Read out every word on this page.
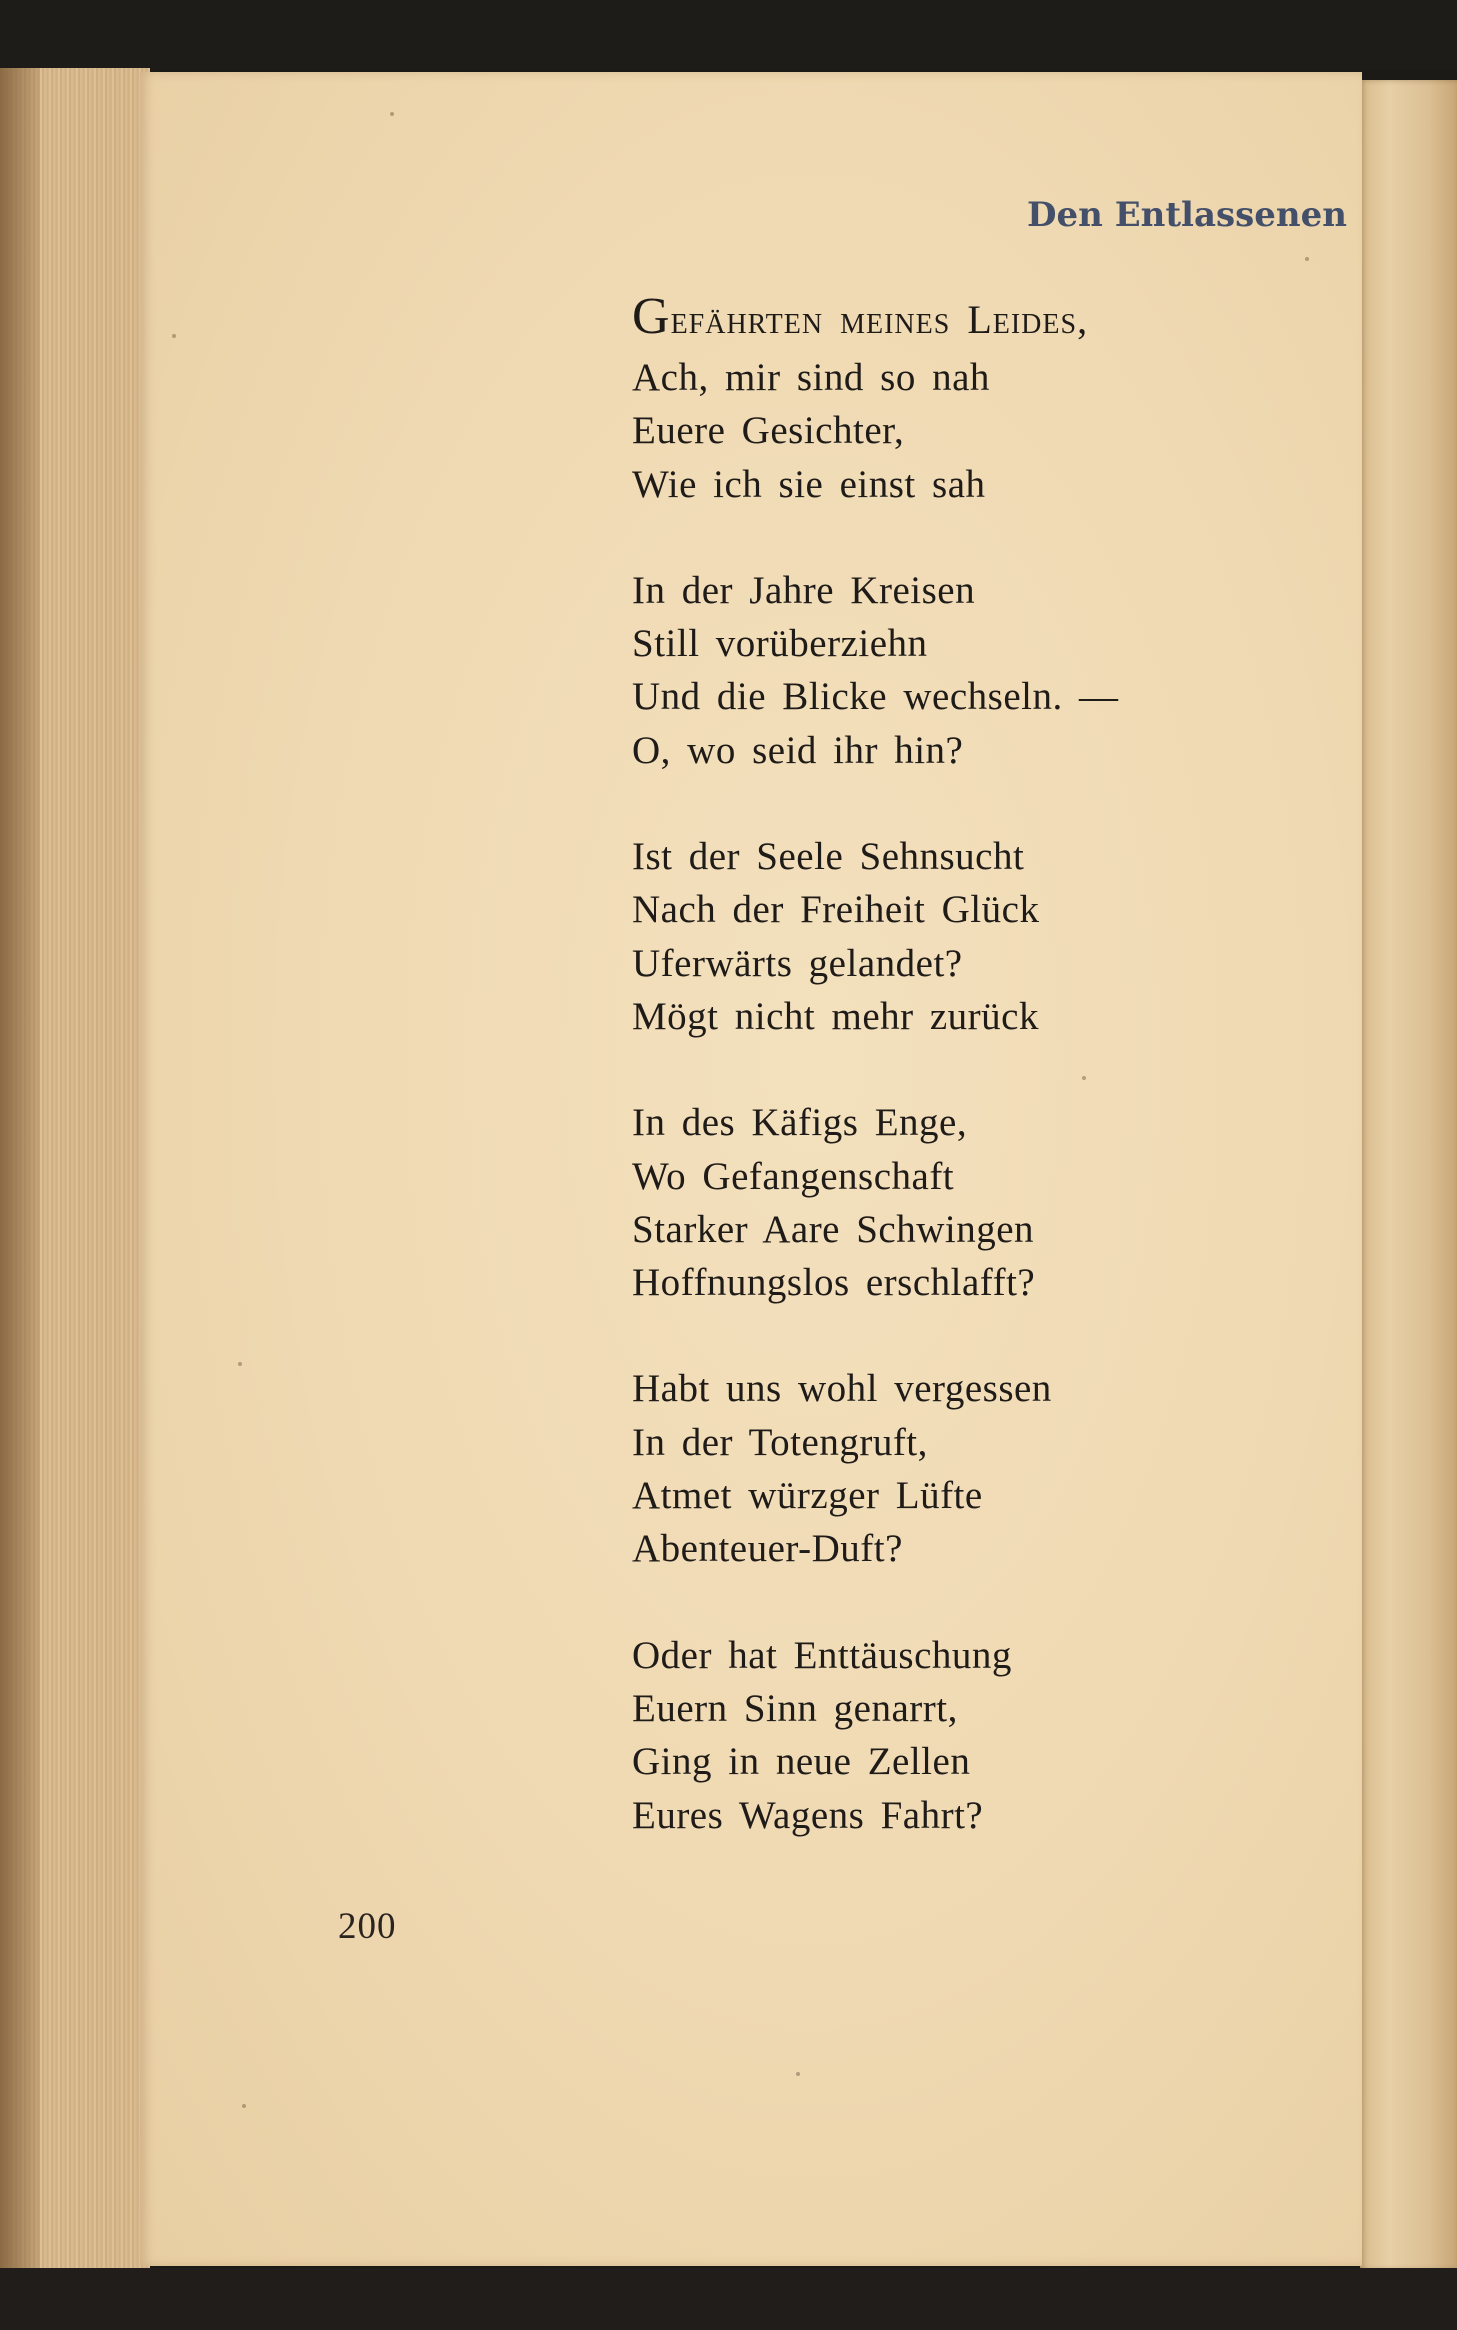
Den Entlassenen
Gefährten meines Leides,
Ach, mir sind so nah
Euere Gesichter,
Wie ich sie einst sah
In der Jahre Kreisen
Still vorüberziehn
Und die Blicke wechseln. —
O, wo seid ihr hin?
Ist der Seele Sehnsucht
Nach der Freiheit Glück
Uferwärts gelandet?
Mögt nicht mehr zurück
In des Käfigs Enge,
Wo Gefangenschaft
Starker Aare Schwingen
Hoffnungslos erschlafft?
Habt uns wohl vergessen
In der Totengruft,
Atmet würzger Lüfte
Abenteuer-Duft?
Oder hat Enttäuschung
Euern Sinn genarrt,
Ging in neue Zellen
Eures Wagens Fahrt?
200
